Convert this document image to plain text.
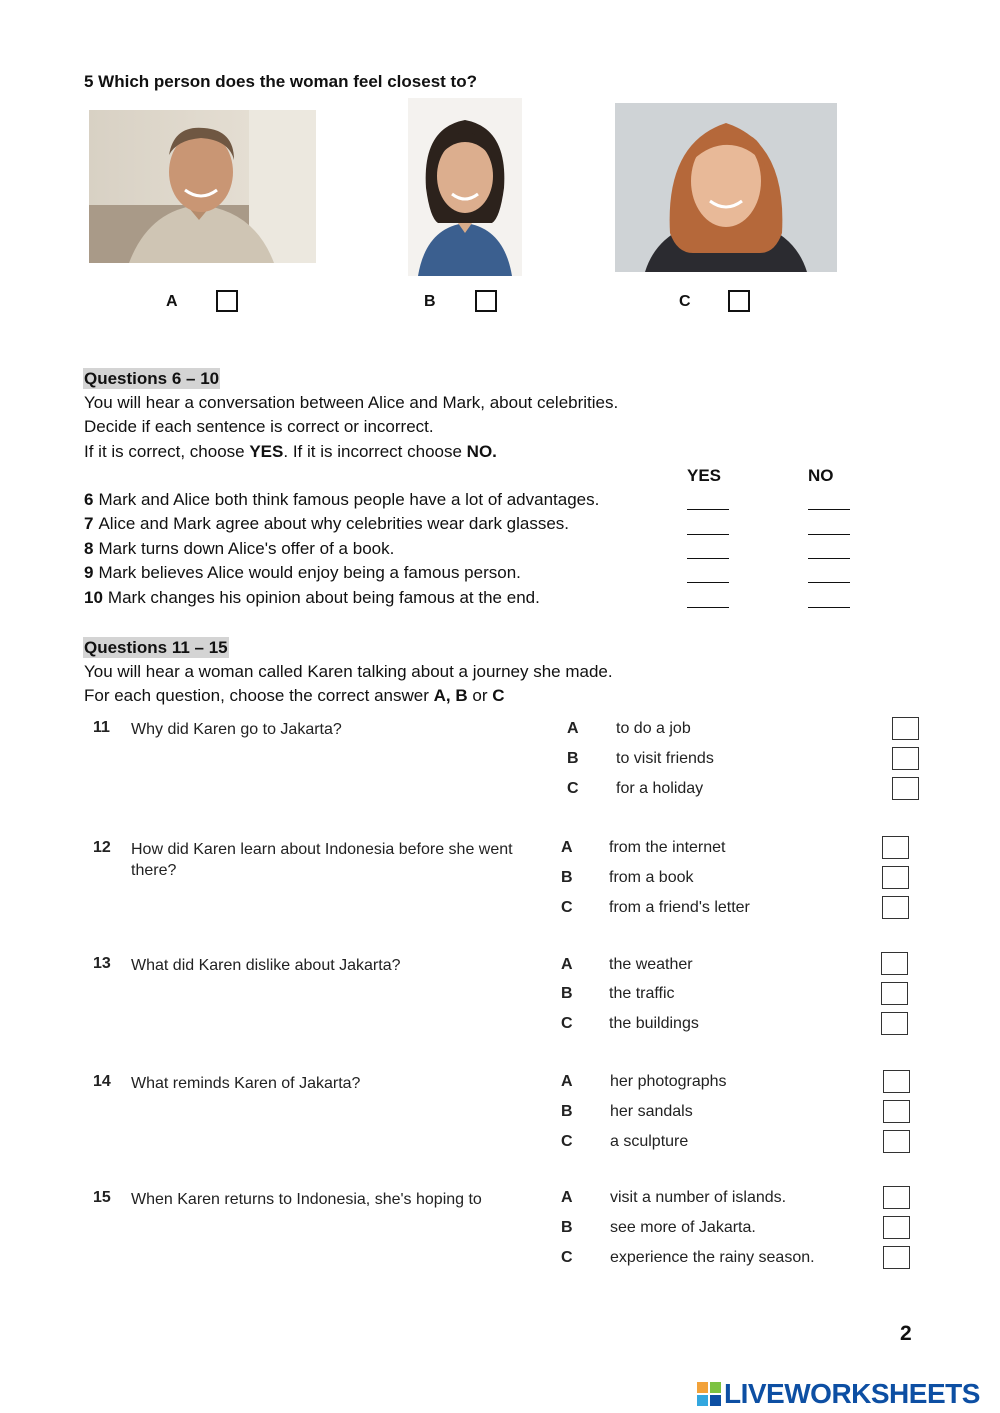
5 Which person does the woman feel closest to?
A	B	C
Questions 6 – 10
You will hear a conversation between Alice and Mark, about celebrities.
Decide if each sentence is correct or incorrect.
If it is correct, choose YES. If it is incorrect choose NO.
YES	NO
6 Mark and Alice both think famous people have a lot of advantages.
7 Alice and Mark agree about why celebrities wear dark glasses.
8 Mark turns down Alice's offer of a book.
9 Mark believes Alice would enjoy being a famous person.
10 Mark changes his opinion about being famous at the end.
Questions 11 – 15
You will hear a woman called Karen talking about a journey she made.
For each question, choose the correct answer A, B or C
11 Why did Karen go to Jakarta?	A to do a job
B to visit friends
C for a holiday
12 How did Karen learn about Indonesia before she went there?
A from the internet
B from a book
C from a friend's letter
13 What did Karen dislike about Jakarta?	A the weather
B the traffic
C the buildings
14 What reminds Karen of Jakarta?	A her photographs
B her sandals
C a sculpture
15 When Karen returns to Indonesia, she's hoping to	A visit a number of islands.
B see more of Jakarta.
C experience the rainy season.
2
LIVEWORKSHEETS
